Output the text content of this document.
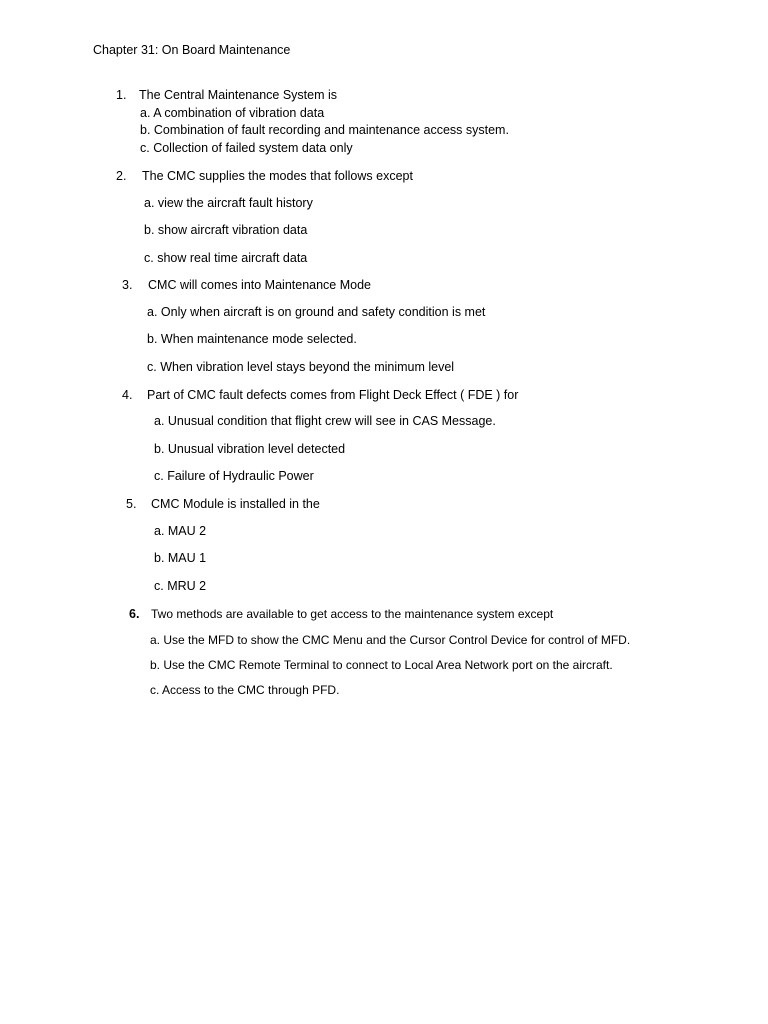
Chapter 31: On Board Maintenance
1. The Central Maintenance System is
a. A combination of vibration data
b. Combination of fault recording and maintenance access system.
c. Collection of failed system data only
2. The CMC supplies the modes that follows except
a. view the aircraft fault history
b. show aircraft vibration data
c. show real time aircraft data
3. CMC will comes into Maintenance Mode
a. Only when aircraft is on ground and safety condition is met
b. When maintenance mode selected.
c. When vibration level stays beyond the minimum level
4. Part of CMC fault defects comes from Flight Deck Effect ( FDE ) for
a. Unusual condition that flight crew will see in CAS Message.
b. Unusual vibration level detected
c. Failure of Hydraulic Power
5. CMC Module is installed in the
a. MAU 2
b. MAU 1
c. MRU 2
6. Two methods are available to get access to the maintenance system except
a. Use the MFD to show the CMC Menu and the Cursor Control Device for control of MFD.
b. Use the CMC Remote Terminal to connect to Local Area Network port on the aircraft.
c. Access to the CMC through PFD.
